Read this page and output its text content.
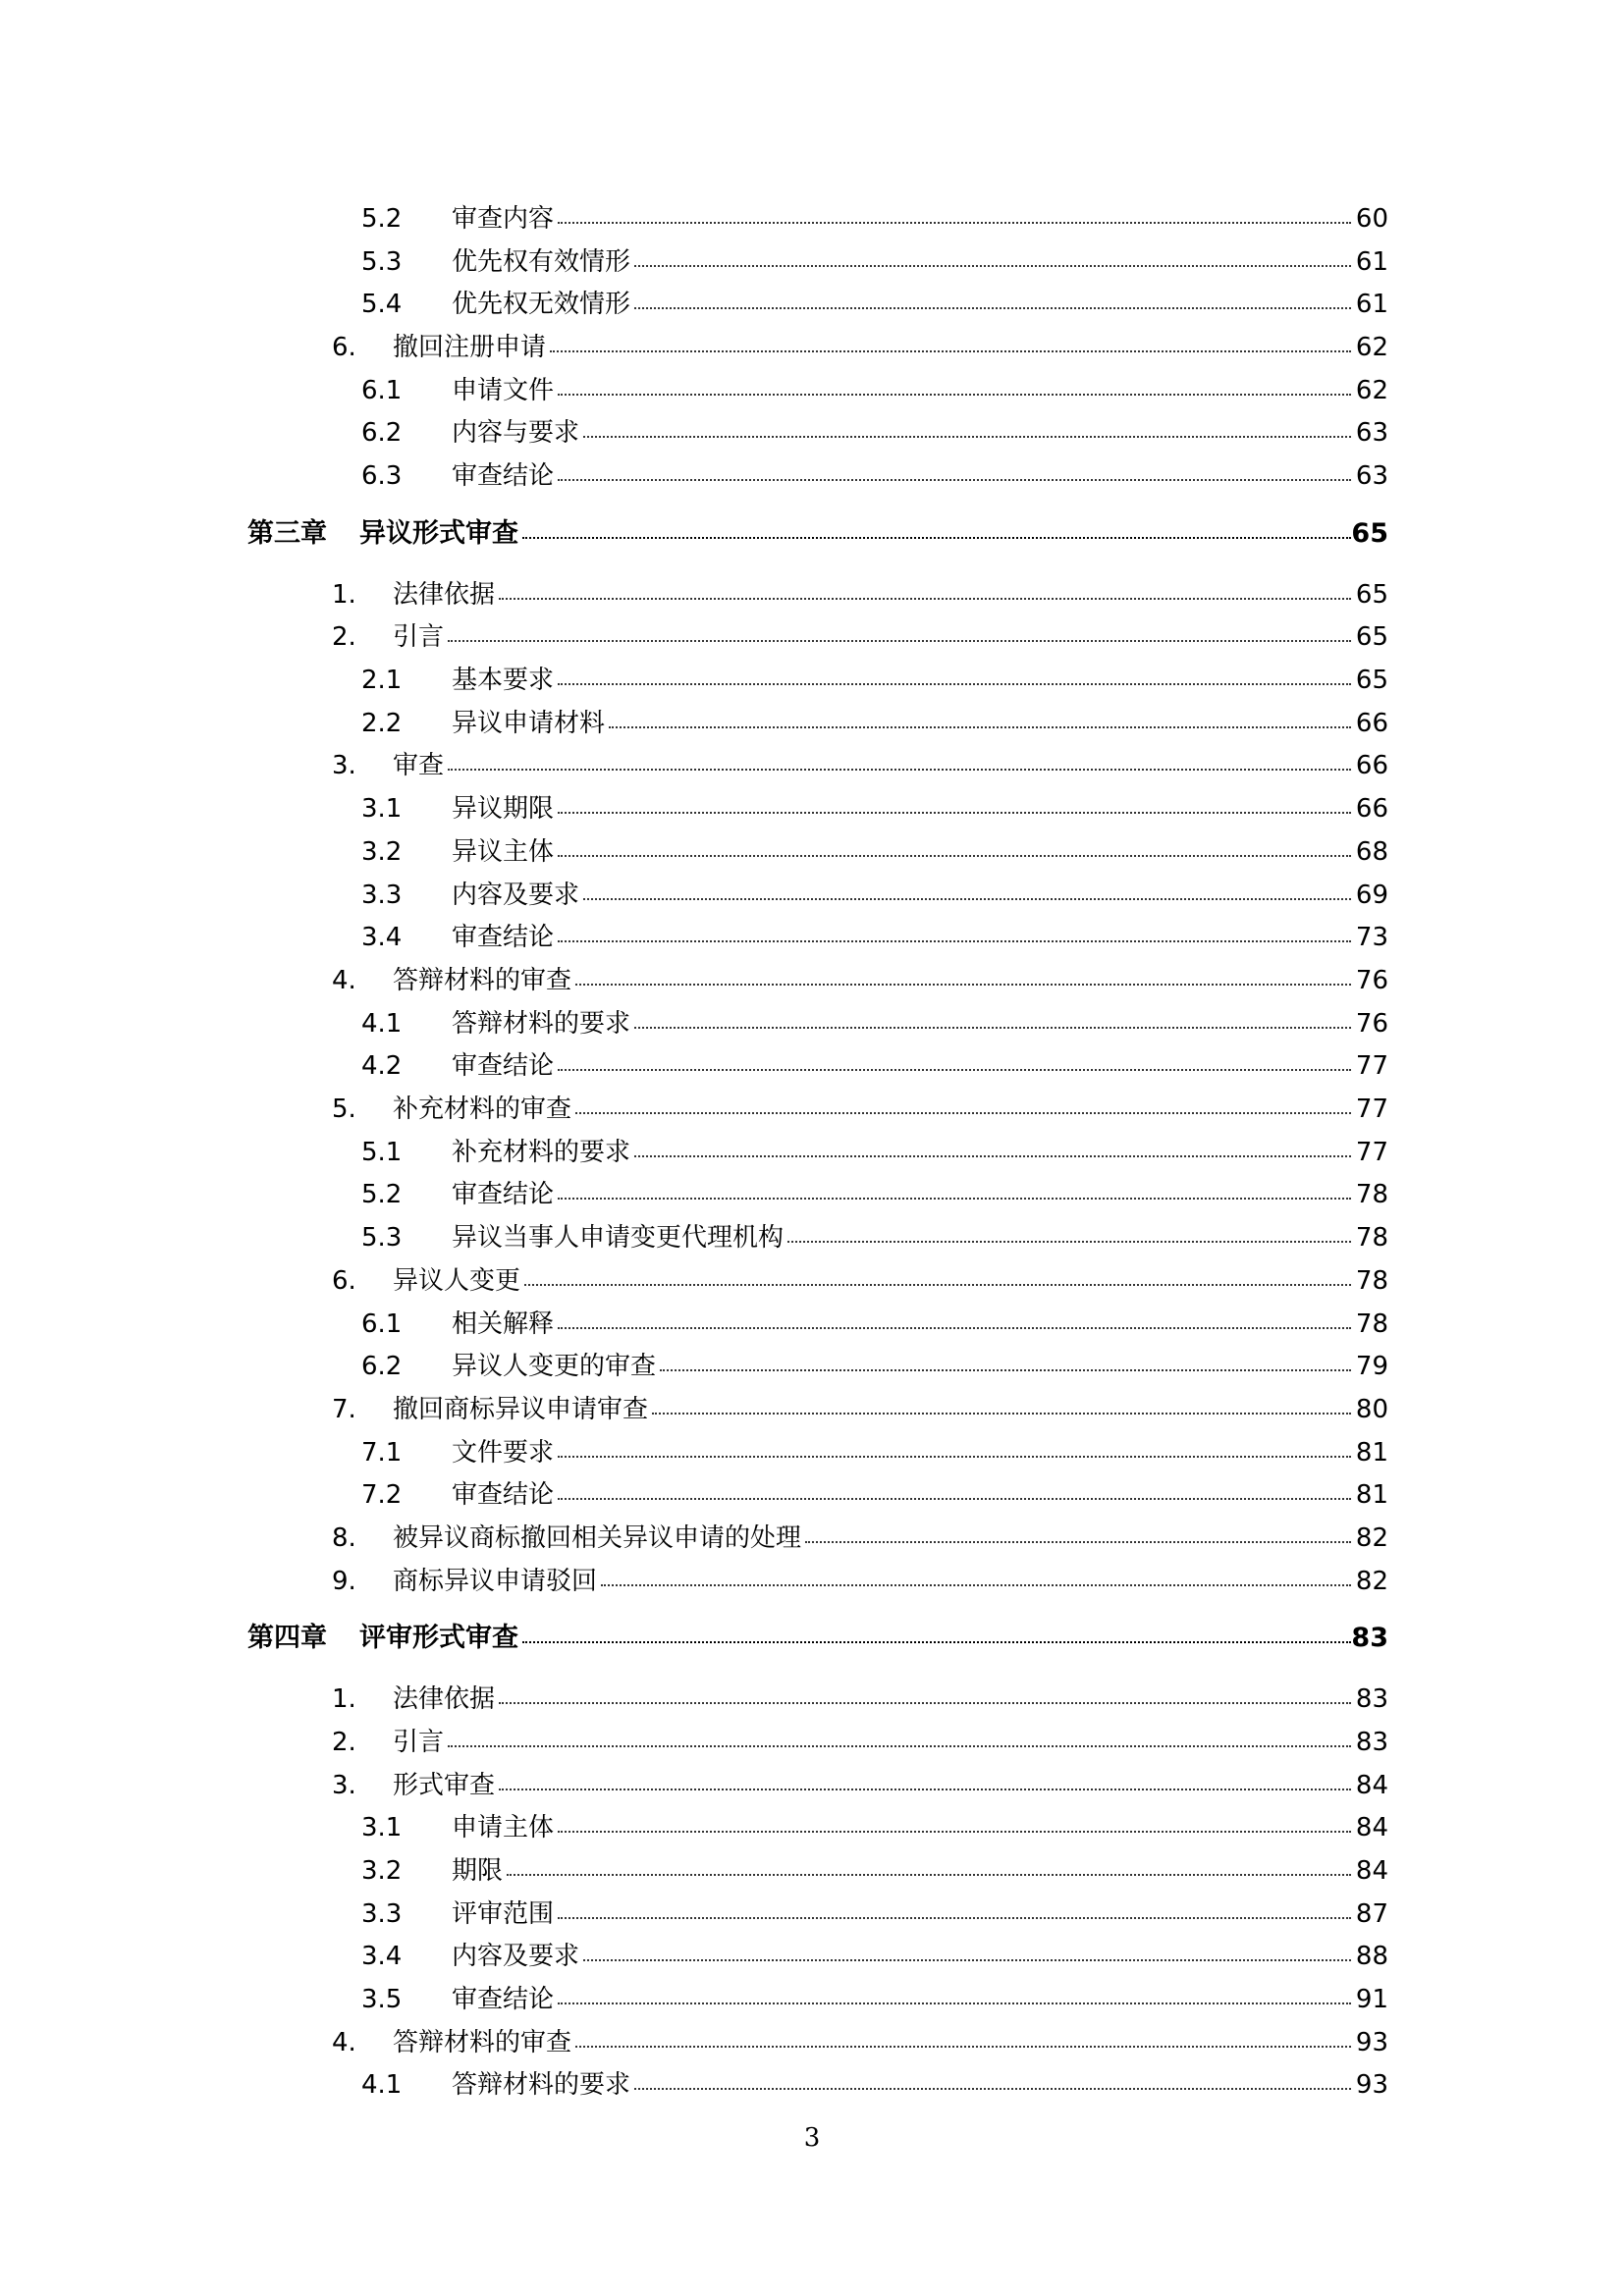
5.2 审查内容	60
5.3 优先权有效情形	61
5.4 优先权无效情形	61
6. 撤回注册申请	62
6.1 申请文件	62
6.2 内容与要求	63
6.3 审查结论	63
第三章 异议形式审查	65
1. 法律依据	65
2. 引言	65
2.1 基本要求	65
2.2 异议申请材料	66
3. 审查	66
3.1 异议期限	66
3.2 异议主体	68
3.3 内容及要求	69
3.4 审查结论	73
4. 答辩材料的审查	76
4.1 答辩材料的要求	76
4.2 审查结论	77
5. 补充材料的审查	77
5.1 补充材料的要求	77
5.2 审查结论	78
5.3 异议当事人申请变更代理机构	78
6. 异议人变更	78
6.1 相关解释	78
6.2 异议人变更的审查	79
7. 撤回商标异议申请审查	80
7.1 文件要求	81
7.2 审查结论	81
8. 被异议商标撤回相关异议申请的处理	82
9. 商标异议申请驳回	82
第四章 评审形式审查	83
1. 法律依据	83
2. 引言	83
3. 形式审查	84
3.1 申请主体	84
3.2 期限	84
3.3 评审范围	87
3.4 内容及要求	88
3.5 审查结论	91
4. 答辩材料的审查	93
4.1 答辩材料的要求	93
3
